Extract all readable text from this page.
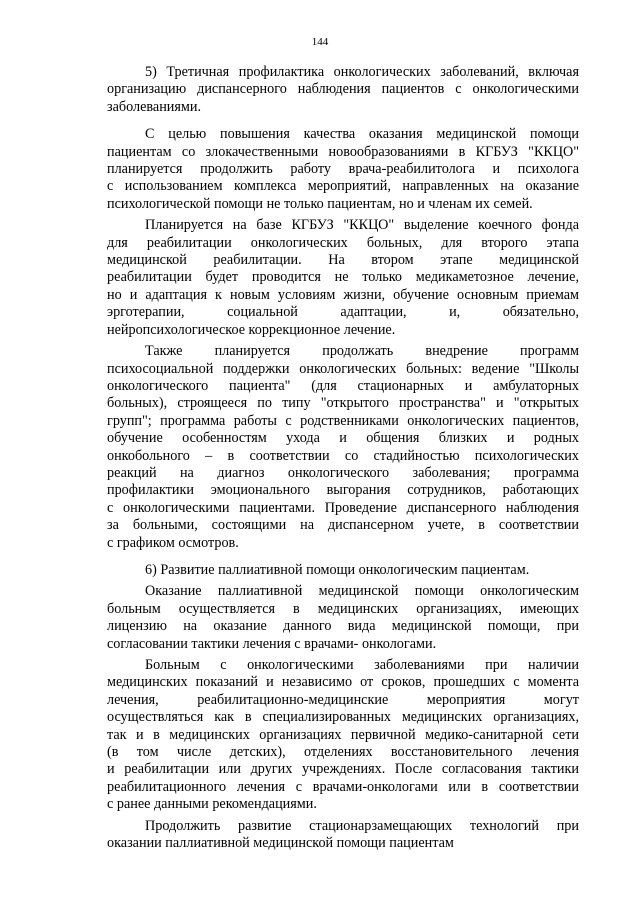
144
5) Третичная профилактика онкологических заболеваний, включая
организацию диспансерного наблюдения пациентов с онкологическими
заболеваниями.
С целью повышения качества оказания медицинской помощи
пациентам со злокачественными новообразованиями в КГБУЗ "ККЦО"
планируется продолжить работу врача-реабилитолога и психолога
с использованием комплекса мероприятий, направленных на оказание
психологической помощи не только пациентам, но и членам их семей.
Планируется на базе КГБУЗ "ККЦО" выделение коечного фонда
для реабилитации онкологических больных, для второго этапа
медицинской реабилитации. На втором этапе медицинской
реабилитации будет проводится не только медикаметозное лечение,
но и адаптация к новым условиям жизни, обучение основным приемам
эрготерапии, социальной адаптации, и, обязательно,
нейропсихологическое коррекционное лечение.
Также планируется продолжать внедрение программ
психосоциальной поддержки онкологических больных: ведение "Школы
онкологического пациента" (для стационарных и амбулаторных
больных), строящееся по типу "открытого пространства" и "открытых
групп"; программа работы с родственниками онкологических пациентов,
обучение особенностям ухода и общения близких и родных
онкобольного – в соответствии со стадийностью психологических
реакций на диагноз онкологического заболевания; программа
профилактики эмоционального выгорания сотрудников, работающих
с онкологическими пациентами. Проведение диспансерного наблюдения
за больными, состоящими на диспансерном учете, в соответствии
с графиком осмотров.
6) Развитие паллиативной помощи онкологическим пациентам.
Оказание паллиативной медицинской помощи онкологическим
больным осуществляется в медицинских организациях, имеющих
лицензию на оказание данного вида медицинской помощи, при
согласовании тактики лечения с врачами- онкологами.
Больным с онкологическими заболеваниями при наличии
медицинских показаний и независимо от сроков, прошедших с момента
лечения, реабилитационно-медицинские мероприятия могут
осуществляться как в специализированных медицинских организациях,
так и в медицинских организациях первичной медико-санитарной сети
(в том числе детских), отделениях восстановительного лечения
и реабилитации или других учреждениях. После согласования тактики
реабилитационного лечения с врачами-онкологами или в соответствии
с ранее данными рекомендациями.
Продолжить развитие стационарзамещающих технологий при
оказании паллиативной медицинской помощи пациентам
